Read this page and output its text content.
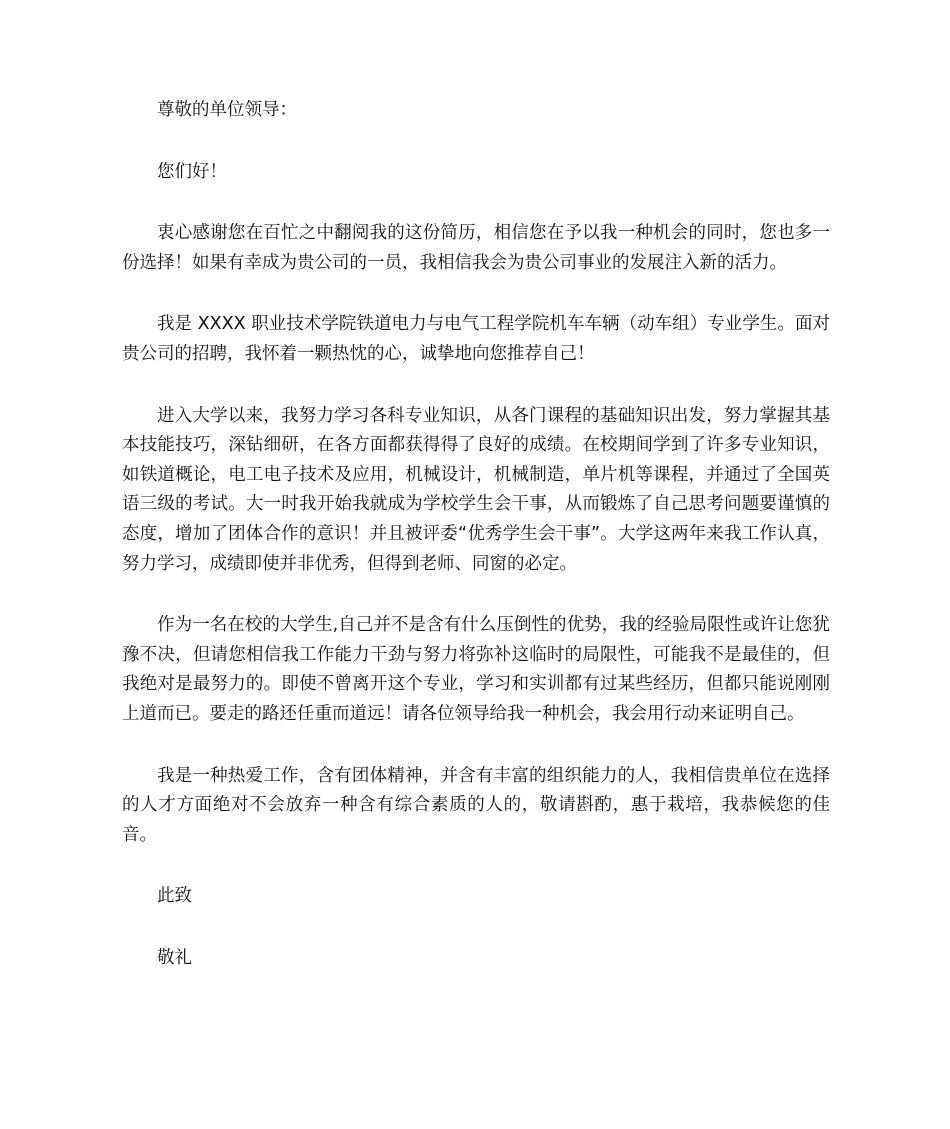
尊敬的单位领导：

您们好！

衷心感谢您在百忙之中翻阅我的这份简历，相信您在予以我一种机会的同时，您也多一份选择！如果有幸成为贵公司的一员，我相信我会为贵公司事业的发展注入新的活力。

我是 XXXX 职业技术学院铁道电力与电气工程学院机车车辆（动车组）专业学生。面对贵公司的招聘，我怀着一颗热忱的心，诚挚地向您推荐自己！

进入大学以来，我努力学习各科专业知识，从各门课程的基础知识出发，努力掌握其基本技能技巧，深钻细研，在各方面都获得得了良好的成绩。在校期间学到了许多专业知识，如铁道概论，电工电子技术及应用，机械设计，机械制造，单片机等课程，并通过了全国英语三级的考试。大一时我开始我就成为学校学生会干事，从而锻炼了自己思考问题要谨慎的态度，增加了团体合作的意识！并且被评委“优秀学生会干事”。大学这两年来我工作认真，努力学习，成绩即使并非优秀，但得到老师、同窗的必定。

作为一名在校的大学生,自己并不是含有什么压倒性的优势，我的经验局限性或许让您犹豫不决，但请您相信我工作能力干劲与努力将弥补这临时的局限性，可能我不是最佳的，但我绝对是最努力的。即使不曾离开这个专业，学习和实训都有过某些经历，但都只能说刚刚上道而已。要走的路还任重而道远！请各位领导给我一种机会，我会用行动来证明自己。

我是一种热爱工作，含有团体精神，并含有丰富的组织能力的人，我相信贵单位在选择的人才方面绝对不会放弃一种含有综合素质的人的，敬请斟酌，惠于栽培，我恭候您的佳音。

此致

敬礼
